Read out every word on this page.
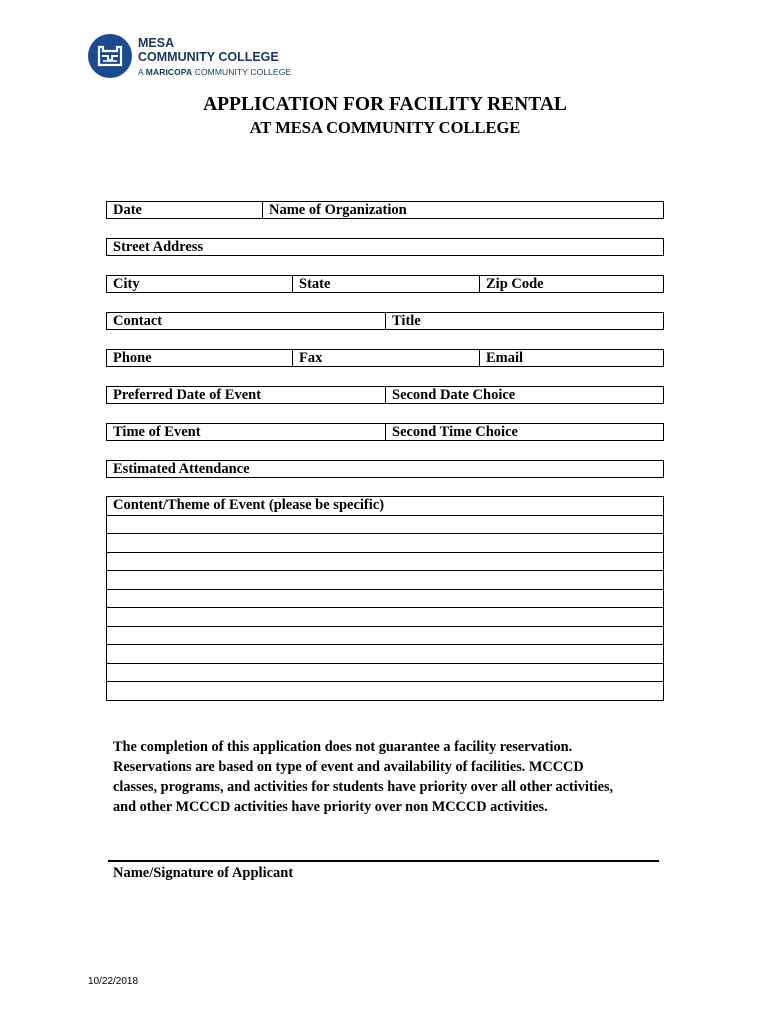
MESA
COMMUNITY COLLEGE
A MARICOPA COMMUNITY COLLEGE
APPLICATION FOR FACILITY RENTAL
AT MESA COMMUNITY COLLEGE
Date	Name of Organization
Street Address
City	State	Zip Code
Contact	Title
Phone	Fax	Email
Preferred Date of Event	Second Date Choice
Time of Event	Second Time Choice
Estimated Attendance
Content/Theme of Event (please be specific)
The completion of this application does not guarantee a facility reservation.
Reservations are based on type of event and availability of facilities. MCCCD
classes, programs, and activities for students have priority over all other activities,
and other MCCCD activities have priority over non MCCCD activities.
Name/Signature of Applicant
10/22/2018
